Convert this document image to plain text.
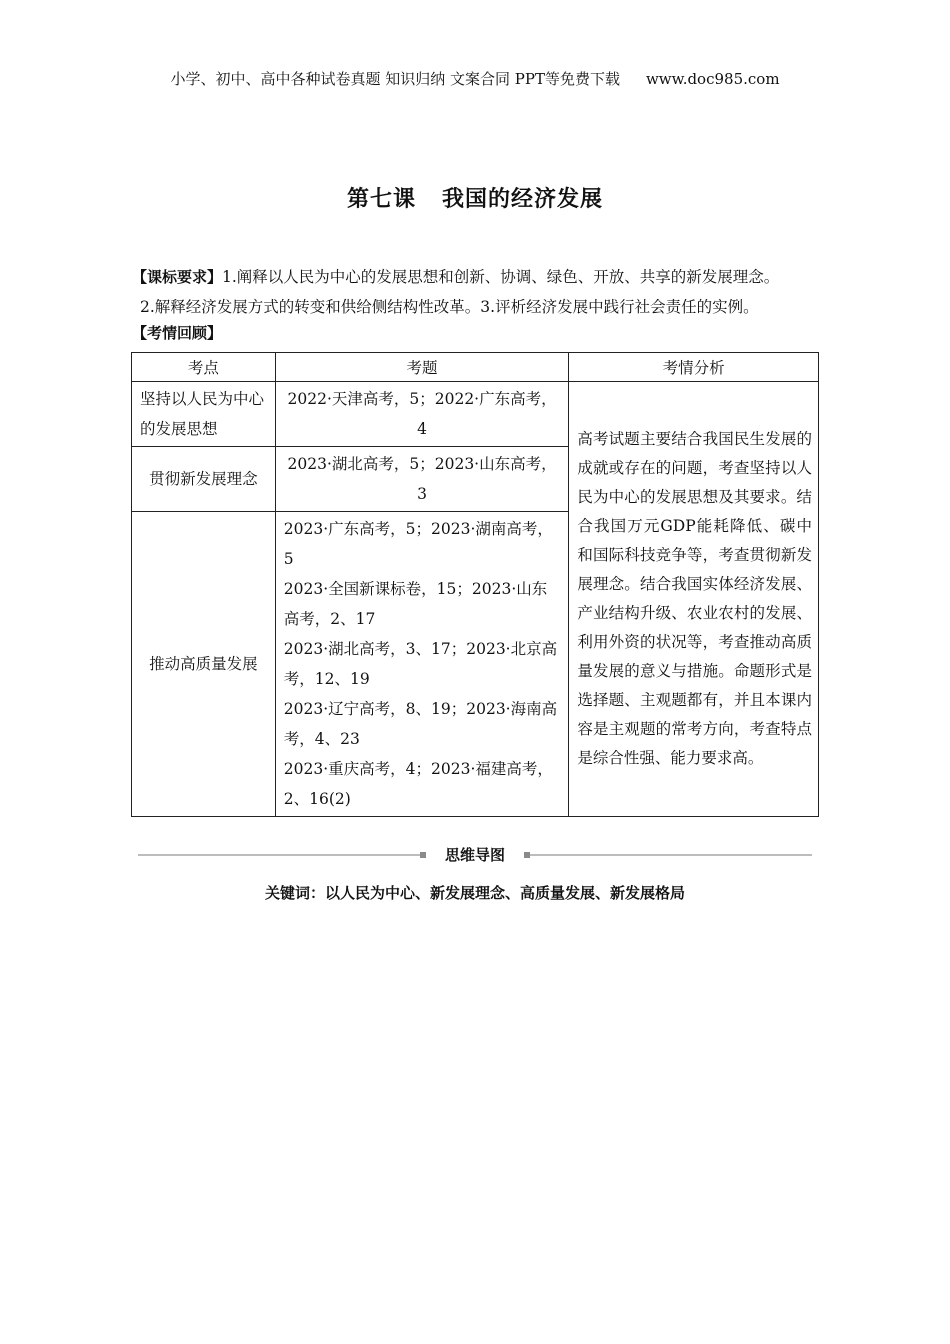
小学、初中、高中各种试卷真题 知识归纳 文案合同 PPT等免费下载 www.doc985.com
第七课 我国的经济发展
【课标要求】1.阐释以人民为中心的发展思想和创新、协调、绿色、开放、共享的新发展理念。
2.解释经济发展方式的转变和供给侧结构性改革。3.评析经济发展中践行社会责任的实例。
【考情回顾】
考点	考题	考情分析
坚持以人民为中心的发展思想	2022·天津高考，5；2022·广东高考，4	高考试题主要结合我国民生发展的成就或存在的问题，考查坚持以人民为中心的发展思想及其要求。结合我国万元GDP能耗降低、碳中和国际科技竞争等，考查贯彻新发展理念。结合我国实体经济发展、产业结构升级、农业农村的发展、利用外资的状况等，考查推动高质量发展的意义与措施。命题形式是选择题、主观题都有，并且本课内容是主观题的常考方向，考查特点是综合性强、能力要求高。
贯彻新发展理念	2023·湖北高考，5；2023·山东高考，3	

推动高质量发展	2023·广东高考，5；2023·湖南高考，5
2023·全国新课标卷，15；2023·山东高考，2、17
2023·湖北高考，3、17；2023·北京高考，12、19
2023·辽宁高考，8、19；2023·海南高考，4、23
2023·重庆高考，4；2023·福建高考，2、16(2)	
思维导图
关键词：以人民为中心、新发展理念、高质量发展、新发展格局
